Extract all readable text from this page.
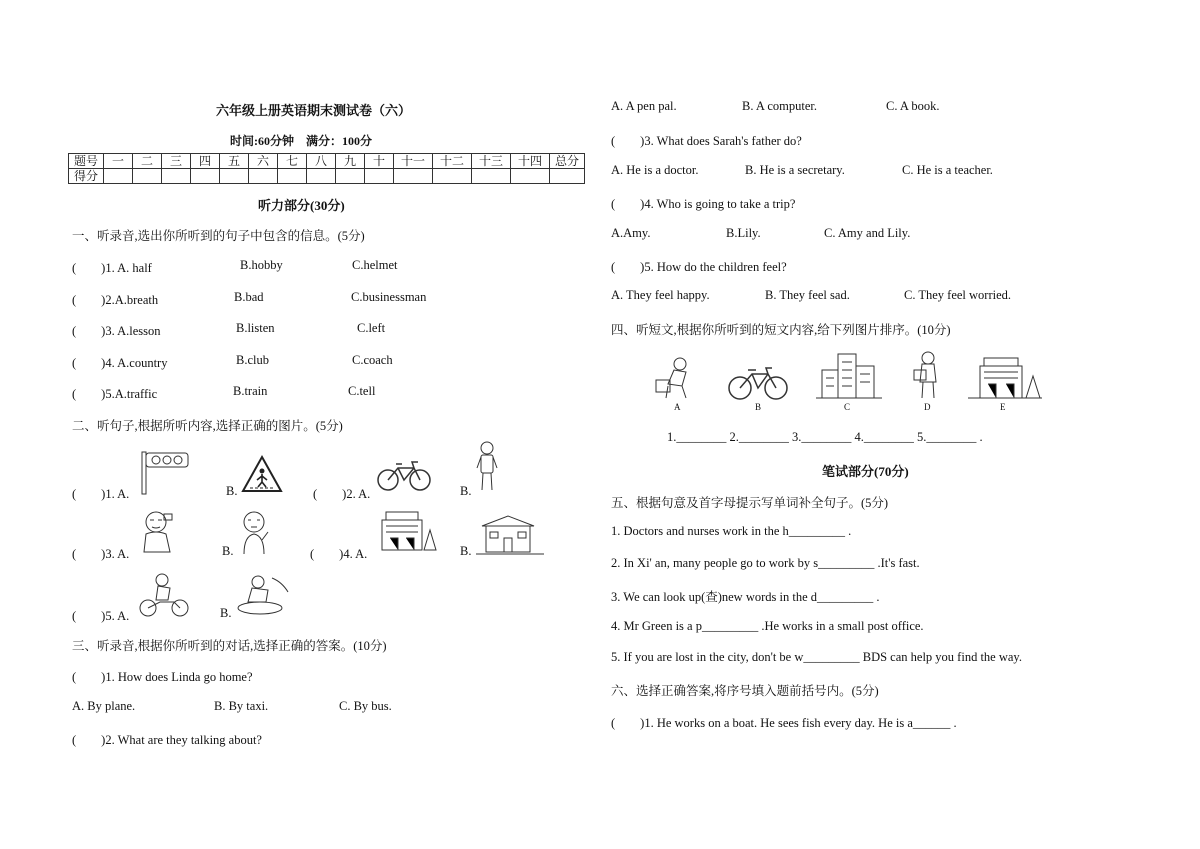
六年级上册英语期末测试卷（六）
时间:60分钟　满分：100分
题号	一	二	三	四	五	六	七	八	九	十	十一	十二	十三	十四	总分
得分															
听力部分(30分)
一、听录音,选出你所听到的句子中包含的信息。(5分)
(　　)1. A. half	B.hobby	C.helmet
(　　)2.A.breath	B.bad	C.businessman
(　　)3. A.lesson	B.listen	C.left
(　　)4. A.country	B.club	C.coach
(　　)5.A.traffic	B.train	C.tell
二、听句子,根据所听内容,选择正确的图片。(5分)
(　　)1. A.	B.	(　　)2. A.	B.
(　　)3. A.	B.	(　　)4. A.	B.
(　　)5. A.	B.
三、听录音,根据你所听到的对话,选择正确的答案。(10分)
(　　)1. How does Linda go home?
A. By plane.	B. By taxi.	C. By bus.
(　　)2. What are they talking about?
A. A pen pal.	B. A computer.	C. A book.
(　　)3. What does Sarah's father do?
A. He is a doctor.	B. He is a secretary.	C. He is a teacher.
(　　)4. Who is going to take a trip?
A.Amy.	B.Lily.	C. Amy and Lily.
(　　)5. How do the children feel?
A. They feel happy.	B. They feel sad.	C. They feel worried.
四、听短文,根据你所听到的短文内容,给下列图片排序。(10分)
A	B	C	D	E
1.________ 2.________ 3.________ 4.________ 5.________ .
笔试部分(70分)
五、根据句意及首字母提示写单词补全句子。(5分)
1. Doctors and nurses work in the h_________ .
2. In Xi' an, many people go to work by s_________ .It's fast.
3. We can look up(查)new words in the d_________ .
4. Mr Green is a p_________ .He works in a small post office.
5. If you are lost in the city, don't be w_________ BDS can help you find the way.
六、选择正确答案,将序号填入题前括号内。(5分)
(　　)1. He works on a boat. He sees fish every day. He is a______ .
